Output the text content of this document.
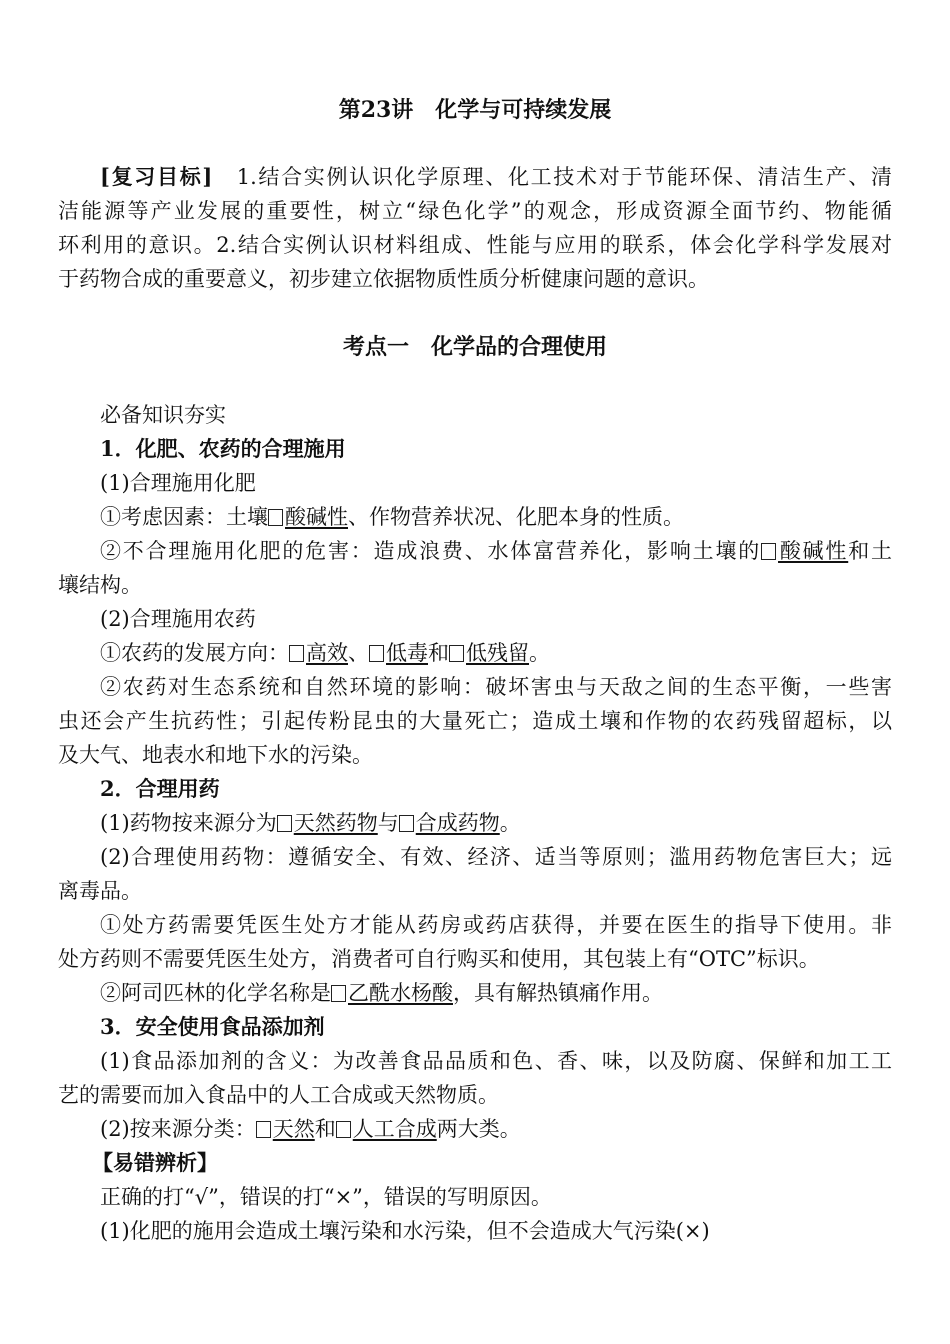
第23讲　化学与可持续发展
[复习目标]　 1.结合实例认识化学原理、化工技术对于节能环保、清洁生产、清
洁能源等产业发展的重要性，树立“绿色化学”的观念，形成资源全面节约、物能循
环利用的意识。2.结合实例认识材料组成、性能与应用的联系，体会化学科学发展对
于药物合成的重要意义，初步建立依据物质性质分析健康问题的意识。
考点一　化学品的合理使用
必备知识夯实
1．化肥、农药的合理施用
(1)合理施用化肥
①考虑因素：土壤 酸碱性、作物营养状况、化肥本身的性质。
②不合理施用化肥的危害：造成浪费、水体富营养化，影响土壤的 酸碱性和土
壤结构。
(2)合理施用农药
①农药的发展方向： 高效、 低毒和 低残留。
②农药对生态系统和自然环境的影响：破坏害虫与天敌之间的生态平衡，一些害
虫还会产生抗药性；引起传粉昆虫的大量死亡；造成土壤和作物的农药残留超标，以
及大气、地表水和地下水的污染。
2．合理用药
(1)药物按来源分为 天然药物与 合成药物。
(2)合理使用药物：遵循安全、有效、经济、适当等原则；滥用药物危害巨大；远
离毒品。
①处方药需要凭医生处方才能从药房或药店获得，并要在医生的指导下使用。非
处方药则不需要凭医生处方，消费者可自行购买和使用，其包装上有“OTC”标识。
②阿司匹林的化学名称是 乙酰水杨酸，具有解热镇痛作用。
3．安全使用食品添加剂
(1)食品添加剂的含义：为改善食品品质和色、香、味，以及防腐、保鲜和加工工
艺的需要而加入食品中的人工合成或天然物质。
(2)按来源分类： 天然和 人工合成两大类。
【易错辨析】
正确的打“√”，错误的打“×”，错误的写明原因。
(1)化肥的施用会造成土壤污染和水污染，但不会造成大气污染(×)
